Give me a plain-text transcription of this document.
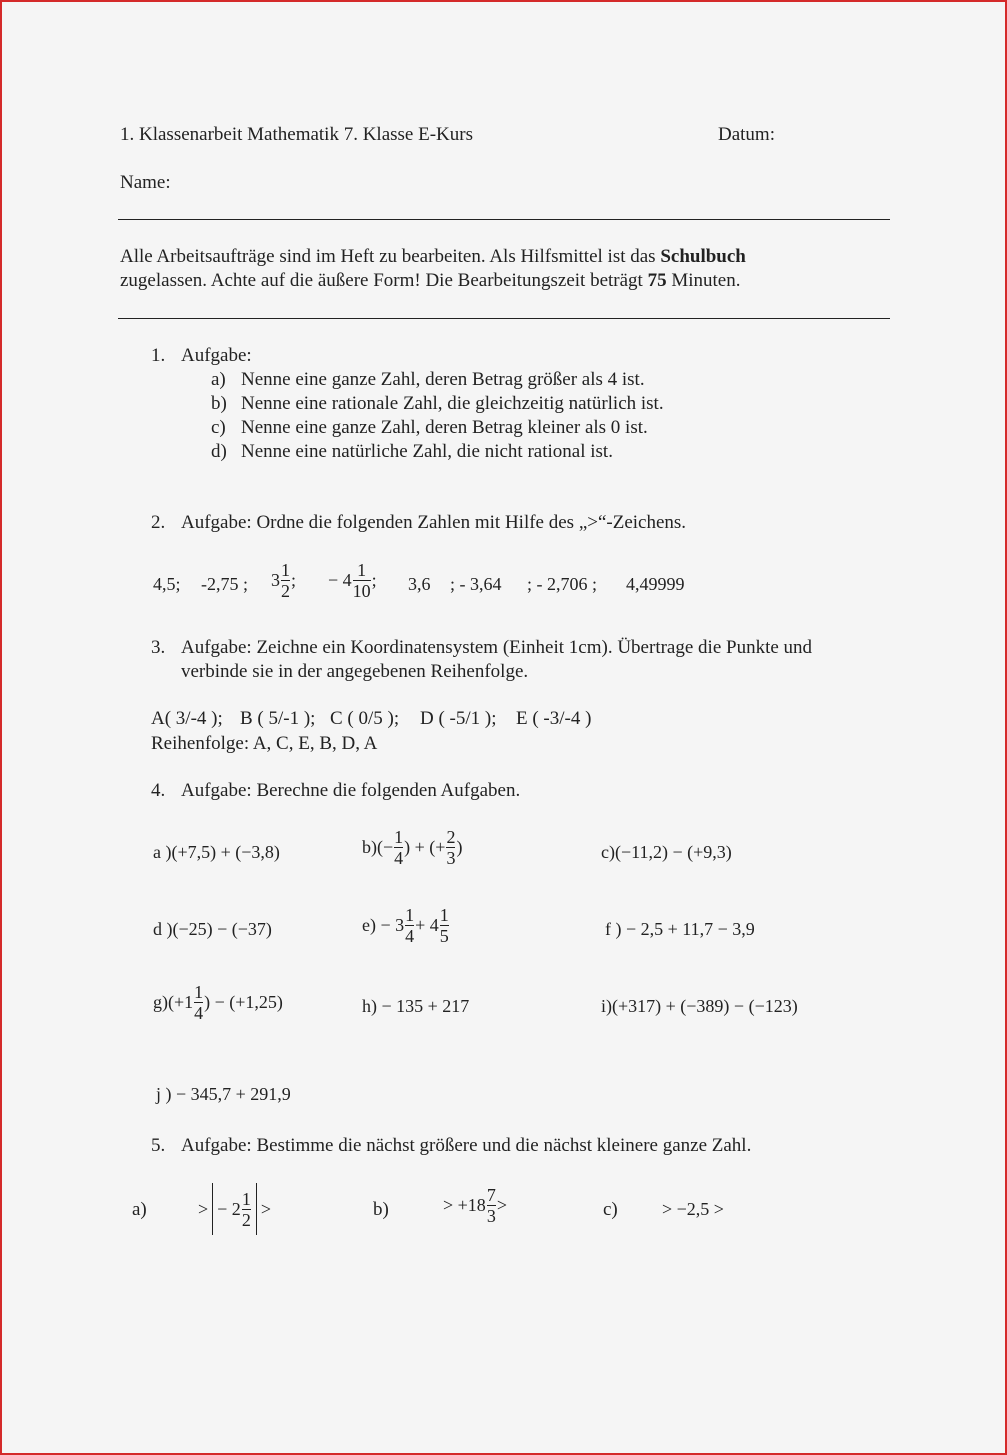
1. Klassenarbeit Mathematik 7. Klasse E-Kurs	Datum:
Name:
Alle Arbeitsaufträge sind im Heft zu bearbeiten. Als Hilfsmittel ist das Schulbuch
zugelassen. Achte auf die äußere Form! Die Bearbeitungszeit beträgt 75 Minuten.
1. Aufgabe:
a) Nenne eine ganze Zahl, deren Betrag größer als 4 ist.
b) Nenne eine rationale Zahl, die gleichzeitig natürlich ist.
c) Nenne eine ganze Zahl, deren Betrag kleiner als 0 ist.
d) Nenne eine natürliche Zahl, die nicht rational ist.
2. Aufgabe: Ordne die folgenden Zahlen mit Hilfe des „>“-Zeichens.
4,5; -2,75 ; $3 \frac{1}{2}$ ; − $4 \frac{1}{10}$ ; 3,6 ; - 3,64 ; - 2,706 ; 4,49999
3. Aufgabe: Zeichne ein Koordinatensystem (Einheit 1cm). Übertrage die Punkte und
verbinde sie in der angegebenen Reihenfolge.
A( 3/-4 ); B ( 5/-1 ); C ( 0/5 ); D ( -5/1 ); E ( -3/-4 )
Reihenfolge: A, C, E, B, D, A
4. Aufgabe: Berechne die folgenden Aufgaben.
a )(+7,5) + (−3,8)	$b)(- \frac{1}{4}$ ) + (+ $\frac{2}{3}$ )	c)(−11,2) − (+9,3)
d )(−25) − (−37)	$e) - 3 \frac{1}{4} + 4 \frac{1}{5}$	f ) − 2,5 + 11,7 − 3,9
$g)(+1 \frac{1}{4}$ ) − (+1,25)	h) − 135 + 217	i)(+317) + (−389) − (−123)
j ) − 345,7 + 291,9
5. Aufgabe: Bestimme die nächst größere und die nächst kleinere ganze Zahl.
a)	> − $2 \frac{1}{2}$ >	b)	> $+18 \frac{7}{3}$ >	c) > −2,5 >
